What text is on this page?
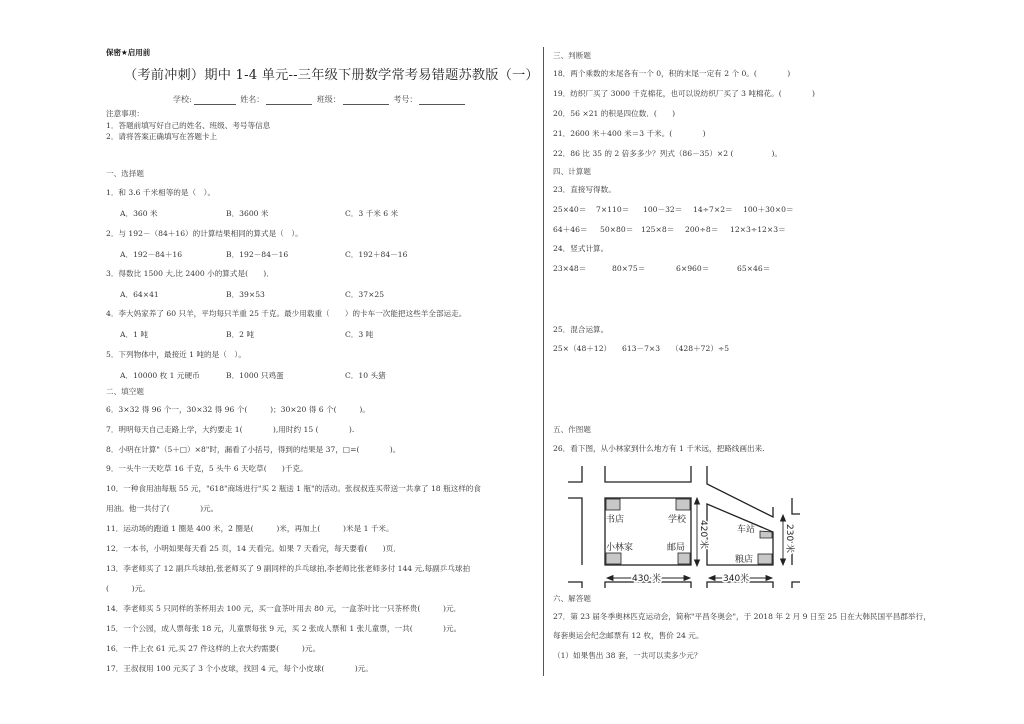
保密★启用前
（考前冲刺）期中 1-4 单元--三年级下册数学常考易错题苏教版（一）
学校:	姓名：	班级：	考号：
注意事项：
1．答题前填写好自己的姓名、班级、考号等信息
2．请将答案正确填写在答题卡上
一、选择题
1．和 3.6 千米相等的是（　）。
A．360 米	B．3600 米	C．3 千米 6 米
2．与 192－（84＋16）的计算结果相同的算式是（　）。
A．192－84＋16	B．192－84－16	C．192＋84－16
3．得数比 1500 大,比 2400 小的算式是(　　)．
A．64×41	B．39×53	C．37×25
4．李大妈家养了 60 只羊，平均每只羊重 25 千克。最少用载重（　　）的卡车一次能把这些羊全部运走。
A．1 吨	B．2 吨	C．3 吨
5．下列物体中，最接近 1 吨的是（　）。
A．10000 枚 1 元硬币	B．1000 只鸡蛋	C．10 头猪
二、填空题
6．3×32 得 96 个一，30×32 得 96 个(　　　)；30×20 得 6 个(　　　)。
7．明明每天自己走路上学，大约要走 1(　　　　),用时约 15 (　　　　).
8．小明在计算"（5＋□）×8"时，漏看了小括号，得到的结果是 37，□=(　　　　)。
9．一头牛一天吃草 16 千克，5 头牛 6 天吃草(　　)千克。
10．一种食用油每瓶 55 元，"618"商场进行"买 2 瓶送 1 瓶"的活动。张叔叔连买带送一共拿了 18 瓶这样的食
用油。他一共付了(　　　　)元。
11．运动场的跑道 1 圈是 400 米，2 圈是(　　　)米，再加上(　　　)米是 1 千米。
12．一本书，小明如果每天看 25 页，14 天看完。如果 7 天看完，每天要看(　　)页．
13．李老师买了 12 副乒乓球拍,张老师买了 9 副同样的乒乓球拍,李老师比张老师多付 144 元,每副乒乓球拍
(　　　)元。
14．李老师买 5 只同样的茶杯用去 100 元，买一盒茶叶用去 80 元，一盒茶叶比一只茶杯贵(　　　)元．
15．一个公园，成人票每张 18 元，儿童票每张 9 元，买 2 张成人票和 1 张儿童票，一共(　　　　)元。
16．一件上衣 61 元,买 27 件这样的上衣大约需要(　　　)元。
17．王叔叔用 100 元买了 3 个小皮球，找回 4 元，每个小皮球(　　　　)元。
三、判断题
18．两个乘数的末尾各有一个 0，积的末尾一定有 2 个 0。(　　　　)
19．纺织厂买了 3000 千克棉花，也可以说纺织厂买了 3 吨棉花。(　　　　)
20．56 ×21 的积是四位数．(　　)
21．2600 米＋400 米＝3 千米。(　　　　)
22．86 比 35 的 2 倍多多少？列式（86－35）×2 (　　　　　)。
四、计算题
23．直接写得数。
25×40＝ 7×110＝ 100－32＝ 14÷7×2＝ 100＋30×0＝
64＋46＝ 50×80＝ 125×8＝ 200÷8＝ 12×3÷12×3＝
24．竖式计算。
23×48＝	80×75＝	6×960＝	65×46＝
25．混合运算。
25×（48＋12） 613－7×3 （428＋72）÷5
五、作图题
26．看下图，从小林家到什么地方有 1 千米远，把路线画出来.
书店	学校
小林家	邮局
车站
粮店
420 米
430 米	340米
230 米
六、解答题
27．第 23 届冬季奥林匹克运动会，简称"平昌冬奥会"，于 2018 年 2 月 9 日至 25 日在大韩民国平昌郡举行，
每套奥运会纪念邮票有 12 枚，售价 24 元。
（1）如果售出 38 套，一共可以卖多少元？
